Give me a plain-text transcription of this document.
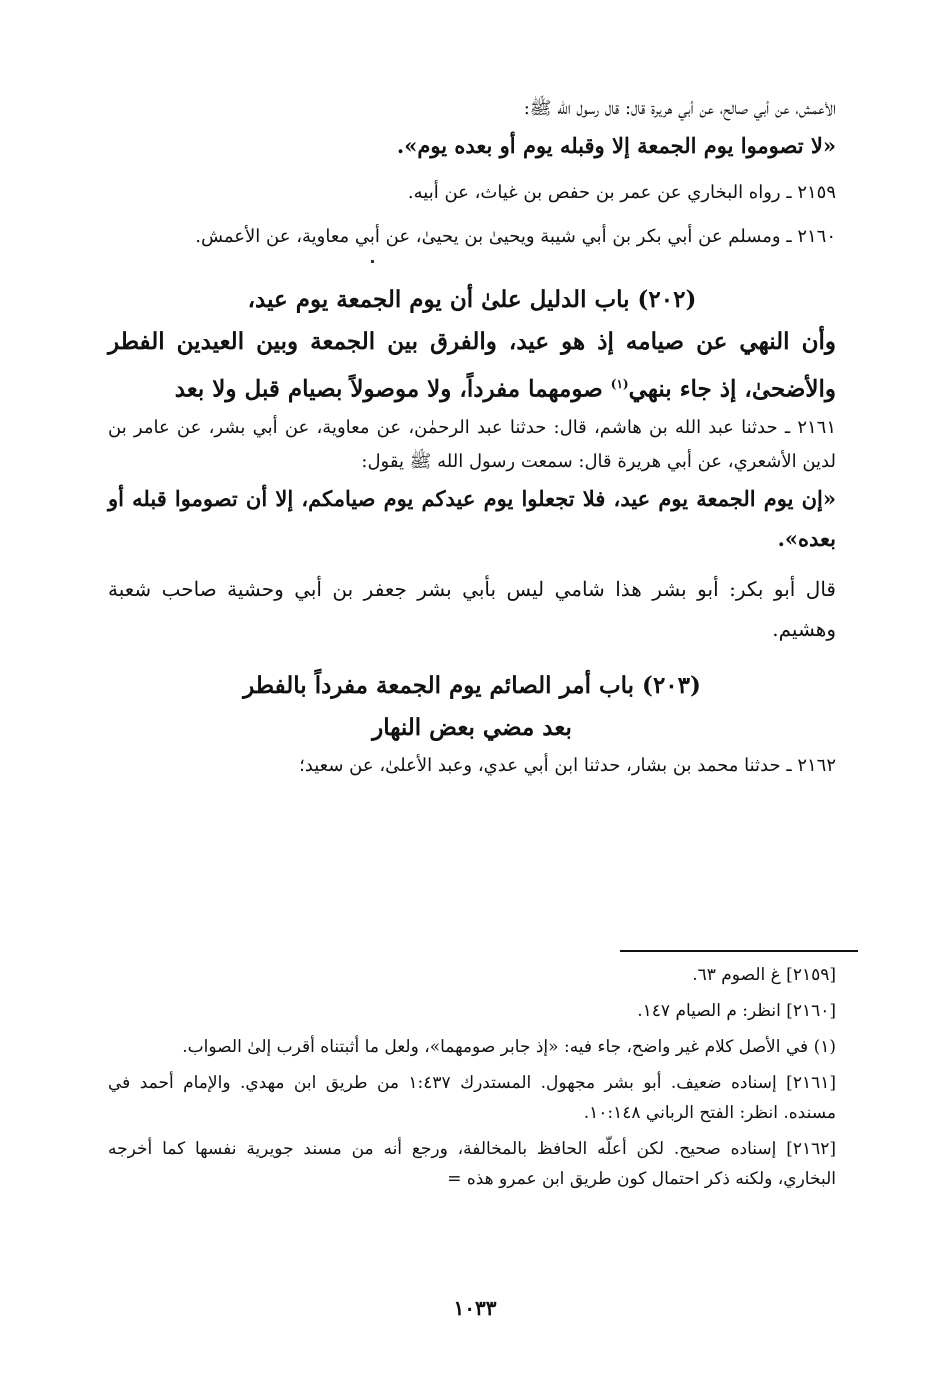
الأعمش، عن أبي صالح، عن أبي هريرة قال: قال رسول الله ﷺ:

«لا تصوموا يوم الجمعة إلا وقبله يوم أو بعده يوم».

٢١٥٩ ـ رواه البخاري عن عمر بن حفص بن غياث، عن أبيه.

٢١٦٠ ـ ومسلم عن أبي بكر بن أبي شيبة ويحيىٰ بن يحيىٰ، عن أبي معاوية، عن الأعمش.

(٢٠٢) باب الدليل علىٰ أن يوم الجمعة يوم عيد،

وأن النهي عن صيامه إذ هو عيد، والفرق بين الجمعة وبين العيدين الفطر والأضحىٰ، إذ جاء بنهي$^{(١)}$ صومهما مفرداً، ولا موصولاً بصيام قبل ولا بعد

٢١٦١ ـ حدثنا عبد الله بن هاشم، قال: حدثنا عبد الرحمٰن، عن معاوية، عن أبي بشر، عن عامر بن لدين الأشعري، عن أبي هريرة قال: سمعت رسول الله ﷺ يقول:

«إن يوم الجمعة يوم عيد، فلا تجعلوا يوم عيدكم يوم صيامكم، إلا أن تصوموا قبله أو بعده».

قال أبو بكر: أبو بشر هذا شامي ليس بأبي بشر جعفر بن أبي وحشية صاحب شعبة وهشيم.

(٢٠٣) باب أمر الصائم يوم الجمعة مفرداً بالفطر

بعد مضي بعض النهار

٢١٦٢ ـ حدثنا محمد بن بشار، حدثنا ابن أبي عدي، وعبد الأعلىٰ، عن سعيد؛

[٢١٥٩] غ الصوم ٦٣.

[٢١٦٠] انظر: م الصيام ١٤٧.

(١) في الأصل كلام غير واضح، جاء فيه: «إذ جابر صومهما»، ولعل ما أثبتناه أقرب إلىٰ الصواب.

[٢١٦١] إسناده ضعيف. أبو بشر مجهول. المستدرك ١:٤٣٧ من طريق ابن مهدي. والإمام أحمد في مسنده. انظر: الفتح الرباني ١٠:١٤٨.

[٢١٦٢] إسناده صحيح. لكن أعلّه الحافظ بالمخالفة، ورجع أنه من مسند جويرية نفسها كما أخرجه البخاري، ولكنه ذكر احتمال كون طريق ابن عمرو هذه =

١٠٣٣
